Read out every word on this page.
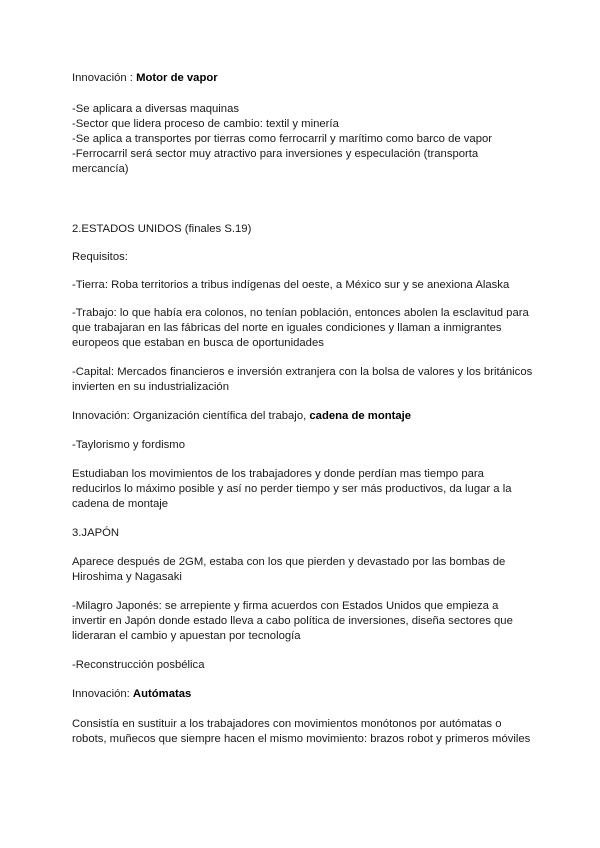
Innovación : Motor de vapor
-Se aplicara a diversas maquinas
-Sector que lidera proceso de cambio: textil y minería
-Se aplica a transportes por tierras como ferrocarril y marítimo como barco de vapor
-Ferrocarril será sector muy atractivo para inversiones y especulación (transporta
mercancía)
2.ESTADOS UNIDOS (finales S.19)
Requisitos:
-Tierra: Roba territorios a tribus indígenas del oeste, a México sur y se anexiona Alaska
-Trabajo: lo que había era colonos, no tenían población, entonces abolen la esclavitud para
que trabajaran en las fábricas del norte en iguales condiciones y llaman a inmigrantes
europeos que estaban en busca de oportunidades
-Capital: Mercados financieros e inversión extranjera con la bolsa de valores y los británicos
invierten en su industrialización
Innovación: Organización científica del trabajo, cadena de montaje
-Taylorismo y fordismo
Estudiaban los movimientos de los trabajadores y donde perdían mas tiempo para
reducirlos lo máximo posible y así no perder tiempo y ser más productivos, da lugar a la
cadena de montaje
3.JAPÓN
Aparece después de 2GM, estaba con los que pierden y devastado por las bombas de
Hiroshima y Nagasaki
-Milagro Japonés: se arrepiente y firma acuerdos con Estados Unidos que empieza a
invertir en Japón donde estado lleva a cabo política de inversiones, diseña sectores que
lideraran el cambio y apuestan por tecnología
-Reconstrucción posbélica
Innovación: Autómatas
Consistía en sustituir a los trabajadores con movimientos monótonos por autómatas o
robots, muñecos que siempre hacen el mismo movimiento: brazos robot y primeros móviles
